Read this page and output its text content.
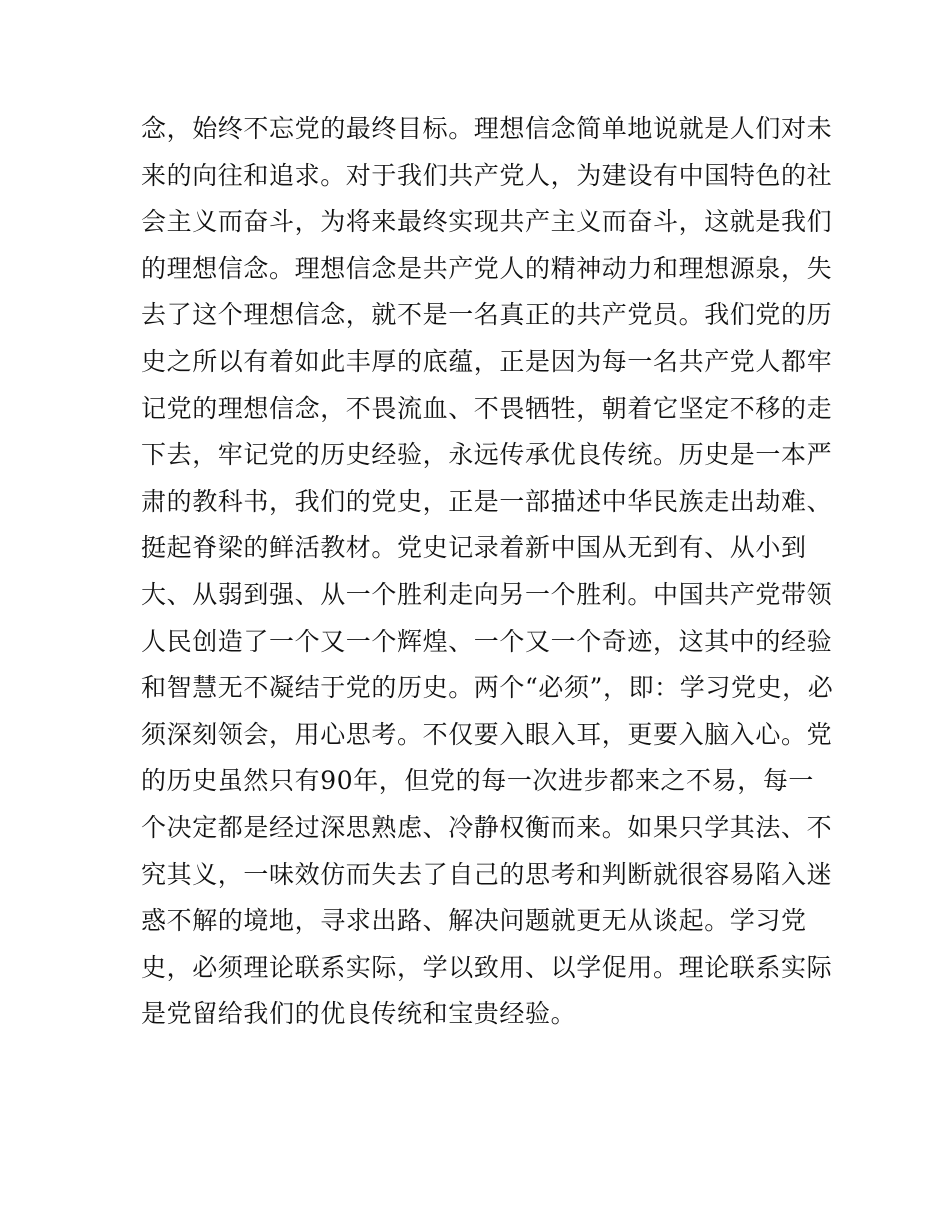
念，始终不忘党的最终目标。理想信念简单地说就是人们对未
来的向往和追求。对于我们共产党人，为建设有中国特色的社
会主义而奋斗，为将来最终实现共产主义而奋斗，这就是我们
的理想信念。理想信念是共产党人的精神动力和理想源泉，失
去了这个理想信念，就不是一名真正的共产党员。我们党的历
史之所以有着如此丰厚的底蕴，正是因为每一名共产党人都牢
记党的理想信念，不畏流血、不畏牺牲，朝着它坚定不移的走
下去，牢记党的历史经验，永远传承优良传统。历史是一本严
肃的教科书，我们的党史，正是一部描述中华民族走出劫难、
挺起脊梁的鲜活教材。党史记录着新中国从无到有、从小到
大、从弱到强、从一个胜利走向另一个胜利。中国共产党带领
人民创造了一个又一个辉煌、一个又一个奇迹，这其中的经验
和智慧无不凝结于党的历史。两个“必须”，即：学习党史，必
须深刻领会，用心思考。不仅要入眼入耳，更要入脑入心。党
的历史虽然只有90年，但党的每一次进步都来之不易，每一
个决定都是经过深思熟虑、冷静权衡而来。如果只学其法、不
究其义，一味效仿而失去了自己的思考和判断就很容易陷入迷
惑不解的境地，寻求出路、解决问题就更无从谈起。学习党
史，必须理论联系实际，学以致用、以学促用。理论联系实际
是党留给我们的优良传统和宝贵经验。
